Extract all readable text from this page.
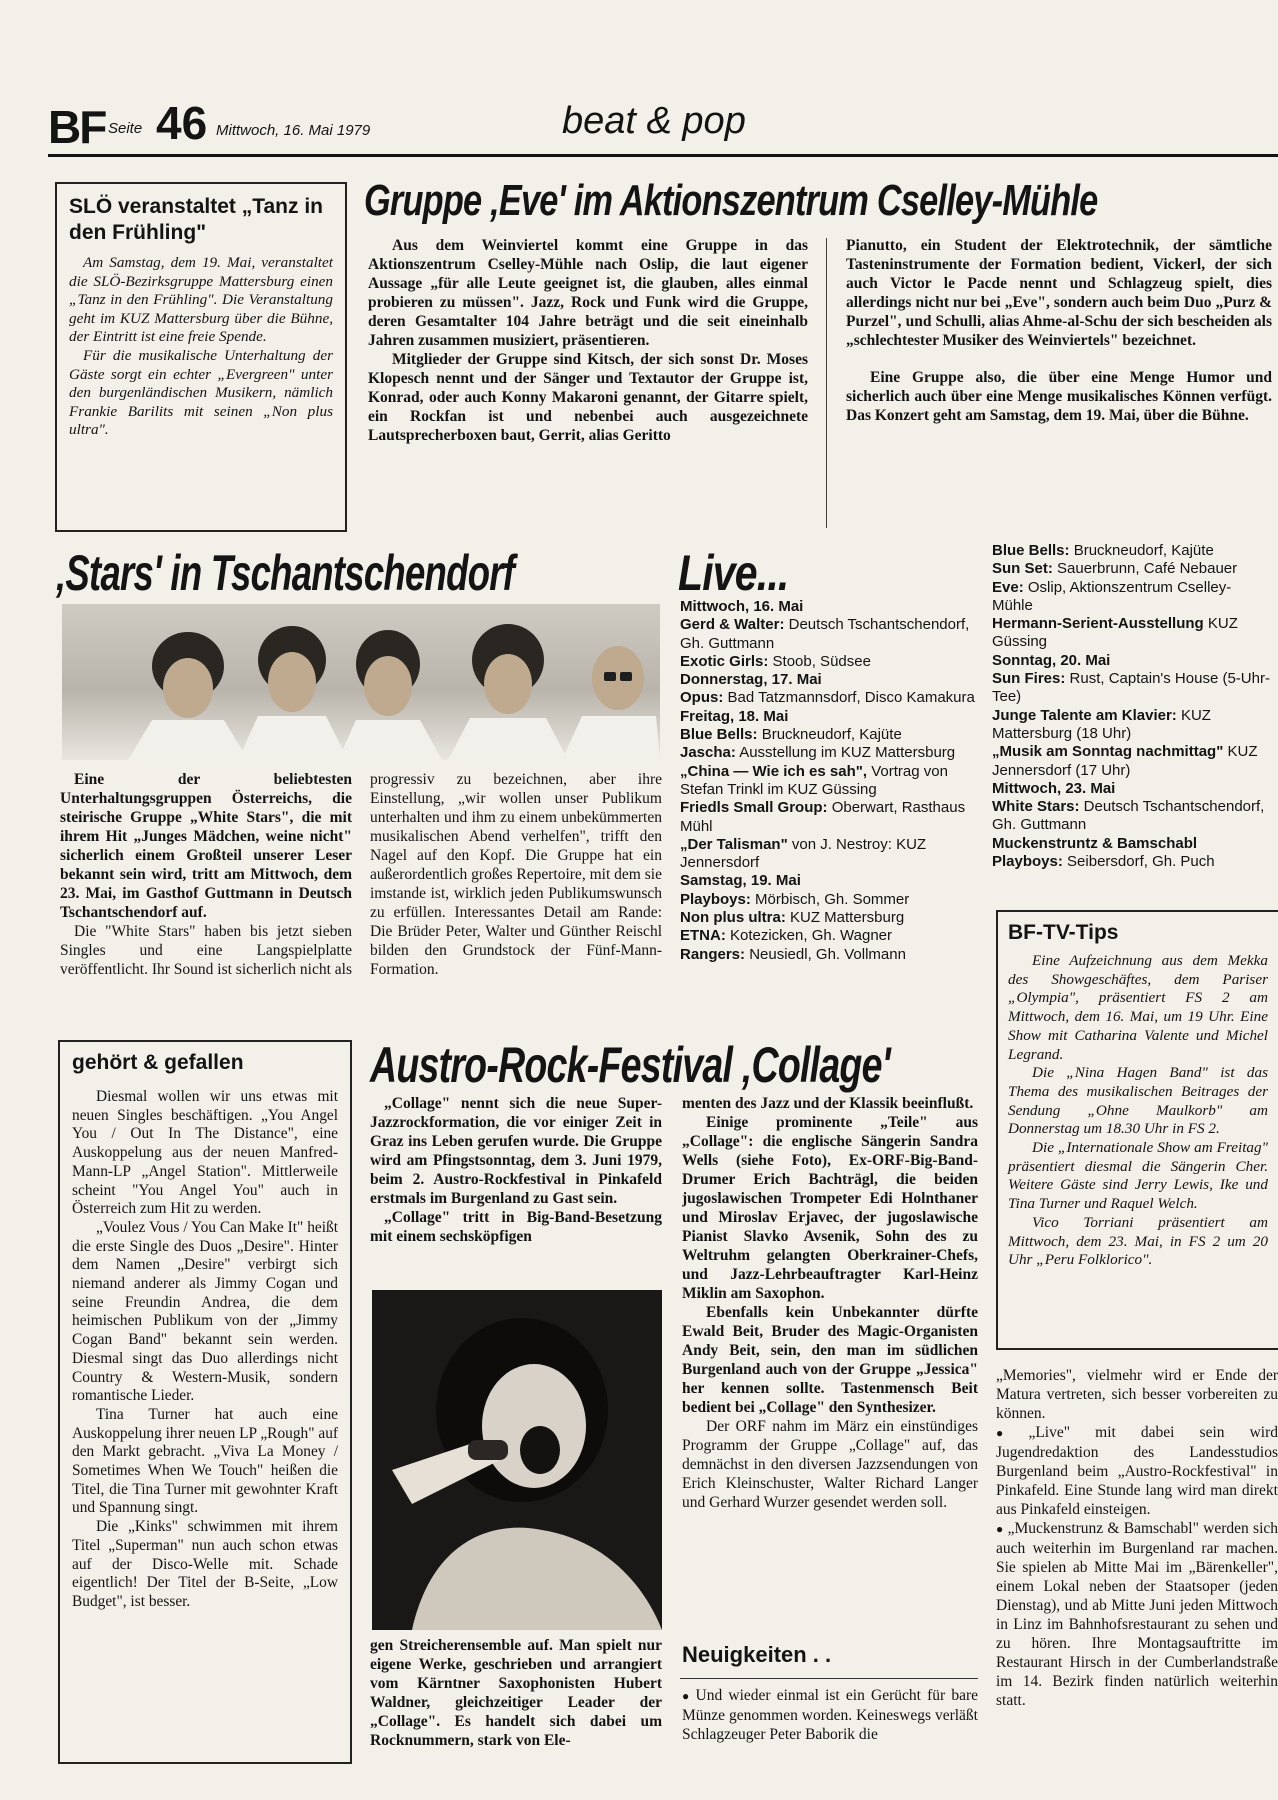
BF Seite 46 Mittwoch, 16. Mai 1979	beat & pop
SLÖ veranstaltet „Tanz in den Frühling"

Am Samstag, dem 19. Mai, veranstaltet die SLÖ-Bezirksgruppe Mattersburg einen „Tanz in den Frühling". Die Veranstaltung geht im KUZ Mattersburg über die Bühne, der Eintritt ist eine freie Spende.

Für die musikalische Unterhaltung der Gäste sorgt ein echter „Evergreen" unter den burgenländischen Musikern, nämlich Frankie Barilits mit seinen „Non plus ultra".

Gruppe ‚Eve' im Aktionszentrum Cselley-Mühle

Aus dem Weinviertel kommt eine Gruppe in das Aktionszentrum Cselley-Mühle nach Oslip, die laut eigener Aussage „für alle Leute geeignet ist, die glauben, alles einmal probieren zu müssen". Jazz, Rock und Funk wird die Gruppe, deren Gesamtalter 104 Jahre beträgt und die seit eineinhalb Jahren zusammen musiziert, präsentieren.

Mitglieder der Gruppe sind Kitsch, der sich sonst Dr. Moses Klopesch nennt und der Sänger und Textautor der Gruppe ist, Konrad, oder auch Konny Makaroni genannt, der Gitarre spielt, ein Rockfan ist und nebenbei auch ausgezeichnete Lautsprecherboxen baut, Gerrit, alias Geritto

Pianutto, ein Student der Elektrotechnik, der sämtliche Tasteninstrumente der Formation bedient, Vickerl, der sich auch Victor le Pacde nennt und Schlagzeug spielt, dies allerdings nicht nur bei „Eve", sondern auch beim Duo „Purz & Purzel", und Schulli, alias Ahme-al-Schu der sich bescheiden als „schlechtester Musiker des Weinviertels" bezeichnet.

Eine Gruppe also, die über eine Menge Humor und sicherlich auch über eine Menge musikalisches Können verfügt. Das Konzert geht am Samstag, dem 19. Mai, über die Bühne.

‚Stars' in Tschantschendorf

Eine der beliebtesten Unterhaltungsgruppen Österreichs, die steirische Gruppe „White Stars", die mit ihrem Hit „Junges Mädchen, weine nicht" sicherlich einem Großteil unserer Leser bekannt sein wird, tritt am Mittwoch, dem 23. Mai, im Gasthof Guttmann in Deutsch Tschantschendorf auf.

Die "White Stars" haben bis jetzt sieben Singles und eine Langspielplatte veröffentlicht. Ihr Sound ist sicherlich nicht als

progressiv zu bezeichnen, aber ihre Einstellung, „wir wollen unser Publikum unterhalten und ihm zu einem unbekümmerten musikalischen Abend verhelfen", trifft den Nagel auf den Kopf. Die Gruppe hat ein außerordentlich großes Repertoire, mit dem sie imstande ist, wirklich jeden Publikumswunsch zu erfüllen. Interessantes Detail am Rande: Die Brüder Peter, Walter und Günther Reischl bilden den Grundstock der Fünf-Mann-Formation.

Live...
Mittwoch, 16. Mai
Gerd & Walter: Deutsch Tschantschendorf, Gh. Guttmann
Exotic Girls: Stoob, Südsee
Donnerstag, 17. Mai
Opus: Bad Tatzmannsdorf, Disco Kamakura
Freitag, 18. Mai
Blue Bells: Bruckneudorf, Kajüte
Jascha: Ausstellung im KUZ Mattersburg
„China — Wie ich es sah", Vortrag von Stefan Trinkl im KUZ Güssing
Friedls Small Group: Oberwart, Rasthaus Mühl
„Der Talisman" von J. Nestroy: KUZ Jennersdorf
Samstag, 19. Mai
Playboys: Mörbisch, Gh. Sommer
Non plus ultra: KUZ Mattersburg
ETNA: Kotezicken, Gh. Wagner
Rangers: Neusiedl, Gh. Vollmann
Blue Bells: Bruckneudorf, Kajüte
Sun Set: Sauerbrunn, Café Nebauer
Eve: Oslip, Aktionszentrum Cselley-Mühle
Hermann-Serient-Ausstellung KUZ Güssing
Sonntag, 20. Mai
Sun Fires: Rust, Captain's House (5-Uhr-Tee)
Junge Talente am Klavier: KUZ Mattersburg (18 Uhr)
„Musik am Sonntag nachmittag" KUZ Jennersdorf (17 Uhr)
Mittwoch, 23. Mai
White Stars: Deutsch Tschantschendorf, Gh. Guttmann
Muckenstruntz & Bamschabl
Playboys: Seibersdorf, Gh. Puch
BF-TV-Tips

Eine Aufzeichnung aus dem Mekka des Showgeschäftes, dem Pariser „Olympia", präsentiert FS 2 am Mittwoch, dem 16. Mai, um 19 Uhr. Eine Show mit Catharina Valente und Michel Legrand.

Die „Nina Hagen Band" ist das Thema des musikalischen Beitrages der Sendung „Ohne Maulkorb" am Donnerstag um 18.30 Uhr in FS 2.

Die „Internationale Show am Freitag" präsentiert diesmal die Sängerin Cher. Weitere Gäste sind Jerry Lewis, Ike und Tina Turner und Raquel Welch.

Vico Torriani präsentiert am Mittwoch, dem 23. Mai, in FS 2 um 20 Uhr „Peru Folklorico".

gehört & gefallen

Diesmal wollen wir uns etwas mit neuen Singles beschäftigen. „You Angel You / Out In The Distance", eine Auskoppelung aus der neuen Manfred-Mann-LP „Angel Station". Mittlerweile scheint "You Angel You" auch in Österreich zum Hit zu werden.

„Voulez Vous / You Can Make It" heißt die erste Single des Duos „Desire". Hinter dem Namen „Desire" verbirgt sich niemand anderer als Jimmy Cogan und seine Freundin Andrea, die dem heimischen Publikum von der „Jimmy Cogan Band" bekannt sein werden. Diesmal singt das Duo allerdings nicht Country & Western-Musik, sondern romantische Lieder.

Tina Turner hat auch eine Auskoppelung ihrer neuen LP „Rough" auf den Markt gebracht. „Viva La Money / Sometimes When We Touch" heißen die Titel, die Tina Turner mit gewohnter Kraft und Spannung singt.

Die „Kinks" schwimmen mit ihrem Titel „Superman" nun auch schon etwas auf der Disco-Welle mit. Schade eigentlich! Der Titel der B-Seite, „Low Budget", ist besser.

Austro-Rock-Festival ‚Collage'

„Collage" nennt sich die neue Super-Jazzrockformation, die vor einiger Zeit in Graz ins Leben gerufen wurde. Die Gruppe wird am Pfingstsonntag, dem 3. Juni 1979, beim 2. Austro-Rockfestival in Pinkafeld erstmals im Burgenland zu Gast sein.

„Collage" tritt in Big-Band-Besetzung mit einem sechsköpfigen

gen Streicherensemble auf. Man spielt nur eigene Werke, geschrieben und arrangiert vom Kärntner Saxophonisten Hubert Waldner, gleichzeitiger Leader der „Collage". Es handelt sich dabei um Rocknummern, stark von Ele-

menten des Jazz und der Klassik beeinflußt.

Einige prominente „Teile" aus „Collage": die englische Sängerin Sandra Wells (siehe Foto), Ex-ORF-Big-Band-Drumer Erich Bachträgl, die beiden jugoslawischen Trompeter Edi Holnthaner und Miroslav Erjavec, der jugoslawische Pianist Slavko Avsenik, Sohn des zu Weltruhm gelangten Oberkrainer-Chefs, und Jazz-Lehrbeauftragter Karl-Heinz Miklin am Saxophon.

Ebenfalls kein Unbekannter dürfte Ewald Beit, Bruder des Magic-Organisten Andy Beit, sein, den man im südlichen Burgenland auch von der Gruppe „Jessica" her kennen sollte. Tastenmensch Beit bedient bei „Collage" den Synthesizer.

Der ORF nahm im März ein einstündiges Programm der Gruppe „Collage" auf, das demnächst in den diversen Jazzsendungen von Erich Kleinschuster, Walter Richard Langer und Gerhard Wurzer gesendet werden soll.

Neuigkeiten . .

● Und wieder einmal ist ein Gerücht für bare Münze genommen worden. Keineswegs verläßt Schlagzeuger Peter Baborik die

„Memories", vielmehr wird er Ende der Matura vertreten, sich besser vorbereiten zu können.

● „Live" mit dabei sein wird Jugendredaktion des Landesstudios Burgenland beim „Austro-Rockfestival" in Pinkafeld. Eine Stunde lang wird man direkt aus Pinkafeld einsteigen.

● „Muckenstrunz & Bamschabl" werden sich auch weiterhin im Burgenland rar machen. Sie spielen ab Mitte Mai im „Bärenkeller", einem Lokal neben der Staatsoper (jeden Dienstag), und ab Mitte Juni jeden Mittwoch in Linz im Bahnhofsrestaurant zu sehen und zu hören. Ihre Montagsauftritte im Restaurant Hirsch in der Cumberlandstraße im 14. Bezirk finden natürlich weiterhin statt.
